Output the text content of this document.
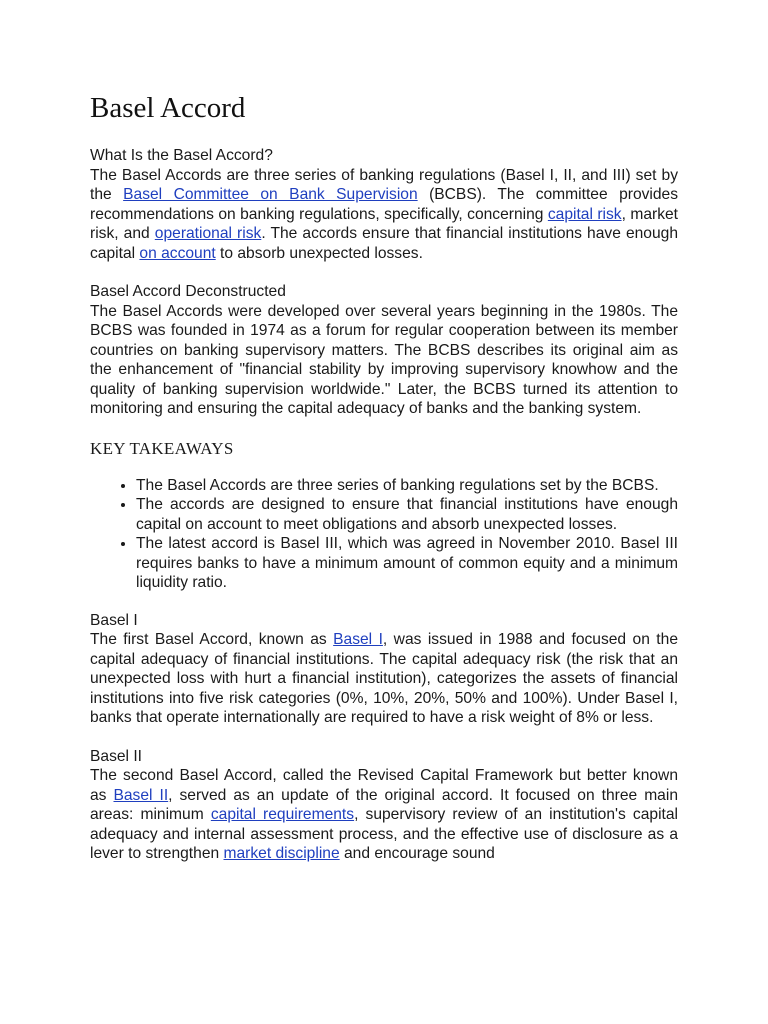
Basel Accord
What Is the Basel Accord?

The Basel Accords are three series of banking regulations (Basel I, II, and III) set by the Basel Committee on Bank Supervision (BCBS). The committee provides recommendations on banking regulations, specifically, concerning capital risk, market risk, and operational risk. The accords ensure that financial institutions have enough capital on account to absorb unexpected losses.

Basel Accord Deconstructed

The Basel Accords were developed over several years beginning in the 1980s. The BCBS was founded in 1974 as a forum for regular cooperation between its member countries on banking supervisory matters. The BCBS describes its original aim as the enhancement of "financial stability by improving supervisory knowhow and the quality of banking supervision worldwide." Later, the BCBS turned its attention to monitoring and ensuring the capital adequacy of banks and the banking system.

KEY TAKEAWAYS
• The Basel Accords are three series of banking regulations set by the BCBS.
• The accords are designed to ensure that financial institutions have enough capital on account to meet obligations and absorb unexpected losses.
• The latest accord is Basel III, which was agreed in November 2010. Basel III requires banks to have a minimum amount of common equity and a minimum liquidity ratio.
Basel I

The first Basel Accord, known as Basel I, was issued in 1988 and focused on the capital adequacy of financial institutions. The capital adequacy risk (the risk that an unexpected loss with hurt a financial institution), categorizes the assets of financial institutions into five risk categories (0%, 10%, 20%, 50% and 100%). Under Basel I, banks that operate internationally are required to have a risk weight of 8% or less.

Basel II

The second Basel Accord, called the Revised Capital Framework but better known as Basel II, served as an update of the original accord. It focused on three main areas: minimum capital requirements, supervisory review of an institution's capital adequacy and internal assessment process, and the effective use of disclosure as a lever to strengthen market discipline and encourage sound
